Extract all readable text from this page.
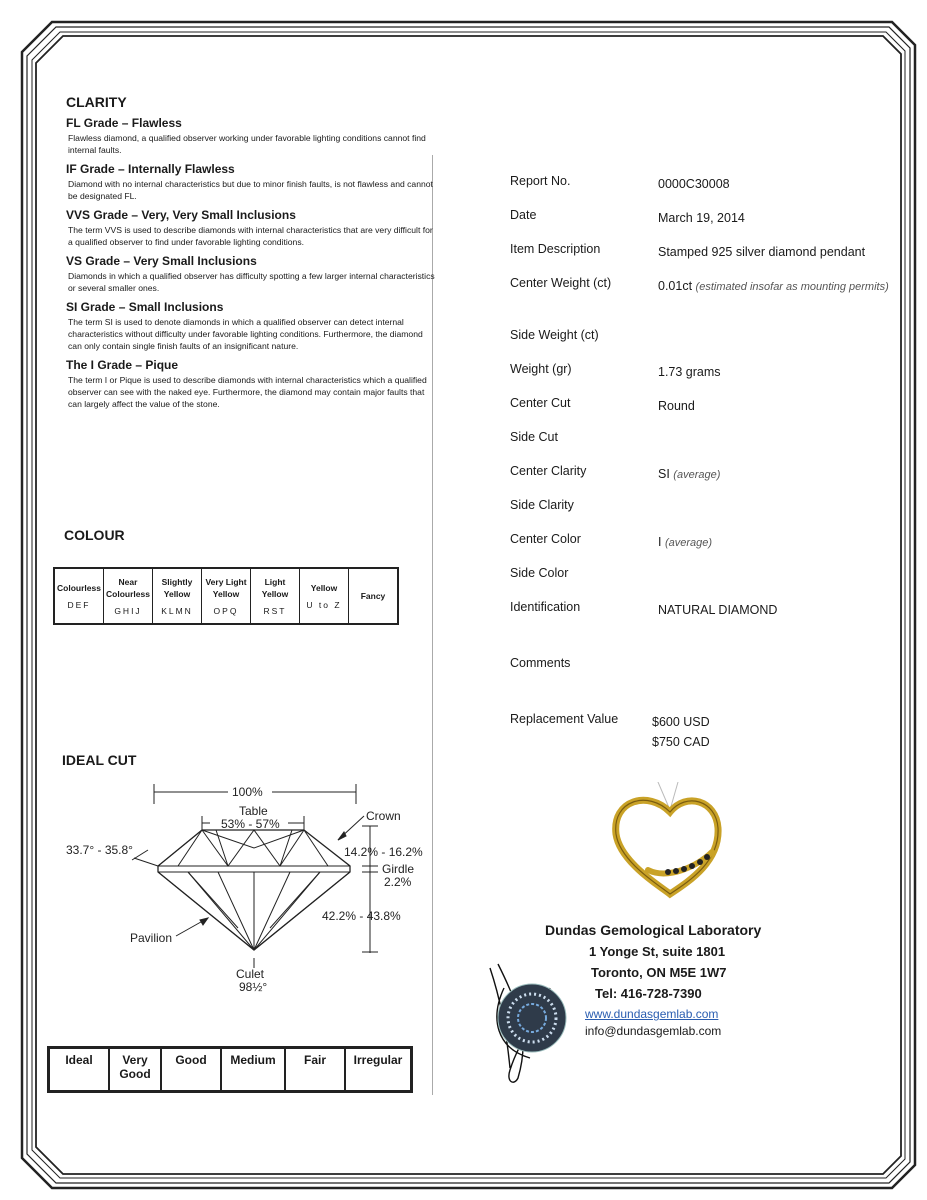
CLARITY

FL Grade – Flawless

Flawless diamond, a qualified observer working under favorable lighting conditions cannot find internal faults.

IF Grade – Internally Flawless

Diamond with no internal characteristics but due to minor finish faults, is not flawless and cannot be designated FL.

VVS Grade – Very, Very Small Inclusions

The term VVS is used to describe diamonds with internal characteristics that are very difficult for a qualified observer to find under favorable lighting conditions.

VS Grade – Very Small Inclusions

Diamonds in which a qualified observer has difficulty spotting a few larger internal characteristics or several smaller ones.

SI Grade – Small Inclusions

The term SI is used to denote diamonds in which a qualified observer can detect internal characteristics without difficulty under favorable lighting conditions. Furthermore, the diamond can only contain single finish faults of an insignificant nature.

The I Grade – Pique

The term I or Pique is used to describe diamonds with internal characteristics which a qualified observer can see with the naked eye. Furthermore, the diamond may contain major faults that can largely affect the value of the stone.

COLOUR
Colourless
DEF

Near Colourless
GHIJ

Slightly Yellow
KLMN

Very Light Yellow
OPQ

Light Yellow
RST

Yellow
U to Z

Fancy
IDEAL CUT
100%
Table
53% - 57%
Crown
33.7° - 35.8°	14.2% - 16.2%
Girdle
2.2%
42.2% - 43.8%
Pavilion
Culet
98½°
Ideal	Very Good	Good	Medium	Fair	Irregular
Report No.	0000C30008
Date	March 19, 2014
Item Description	Stamped 925 silver diamond pendant
Center Weight (ct)	0.01ct (estimated insofar as mounting permits)
Side Weight (ct)
Weight (gr)	1.73 grams
Center Cut	Round
Side Cut
Center Clarity	SI (average)
Side Clarity
Center Color	I (average)
Side Color
Identification	NATURAL DIAMOND
Comments
Replacement Value	$600 USD
$750 CAD
Dundas Gemological Laboratory
1 Yonge St, suite 1801
Toronto, ON M5E 1W7
Tel: 416-728-7390
www.dundasgemlab.com
info@dundasgemlab.com
